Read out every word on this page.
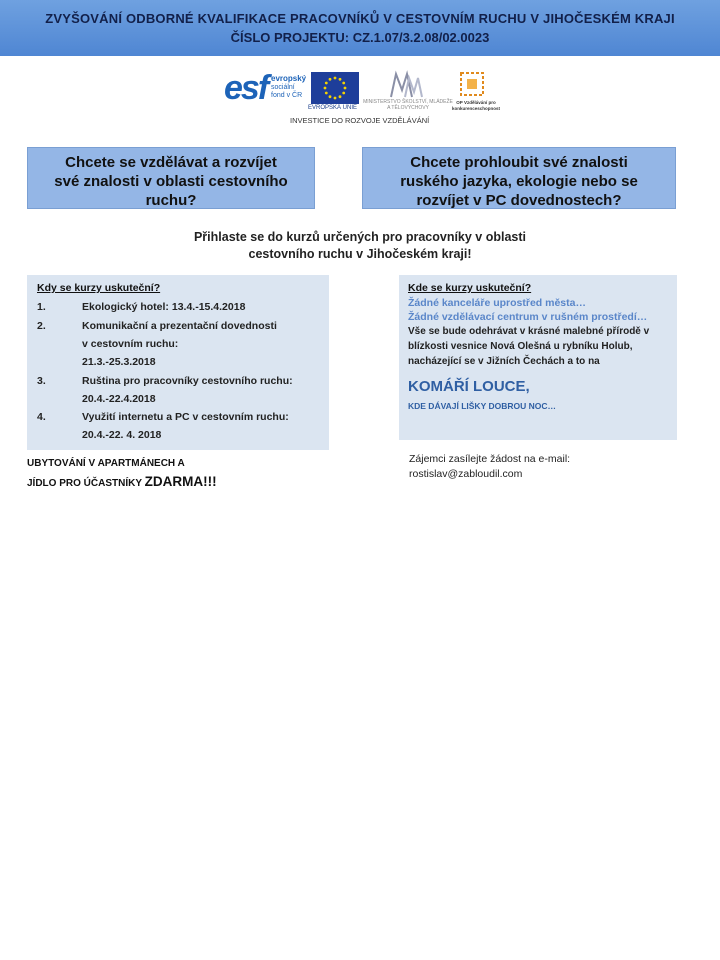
ZVYŠOVÁNÍ ODBORNÉ KVALIFIKACE PRACOVNÍKŮ V CESTOVNÍM RUCHU V JIHOČESKÉM KRAJI
ČÍSLO PROJEKTU: CZ.1.07/3.2.08/02.0023
esf evropský
sociální
fond v ČR
EVROPSKÁ UNIE
MINISTERSTVO ŠKOLSTVÍ, MLÁDEŽE A TĚLOVÝCHOVY
OP Vzdělávání pro konkurenceschopnost
INVESTICE DO ROZVOJE VZDĚLÁVÁNÍ
Chcete se vzdělávat a rozvíjet
své znalosti v oblasti cestovního
ruchu?
Chcete prohloubit své znalosti
ruského jazyka, ekologie nebo se
rozvíjet v PC dovednostech?
Přihlaste se do kurzů určených pro pracovníky v oblasti
cestovního ruchu v Jihočeském kraji!
Kdy se kurzy uskuteční?
1.	Ekologický hotel: 13.4.-15.4.2018
2.	Komunikační a prezentační dovednosti
v cestovním ruchu:
21.3.-25.3.2018
3.	Ruština pro pracovníky cestovního ruchu:
20.4.-22.4.2018
4.	Využití internetu a PC v cestovním ruchu:
20.4.-22. 4. 2018
Kde se kurzy uskuteční?
Žádné kanceláře uprostřed města…
Žádné vzdělávací centrum v rušném prostředí…
Vše se bude odehrávat v krásné malebné přírodě v
blízkosti vesnice Nová Olešná u rybníku Holub,
nacházející se v Jižních Čechách a to na
KOMÁŘÍ LOUCE,
KDE DÁVAJÍ LIŠKY DOBROU NOC…
UBYTOVÁNÍ V APARTMÁNECH A
JÍDLO PRO ÚČASTNÍKY ZDARMA!!!
Zájemci zasílejte žádost na e-mail:
rostislav@zabloudil.com
